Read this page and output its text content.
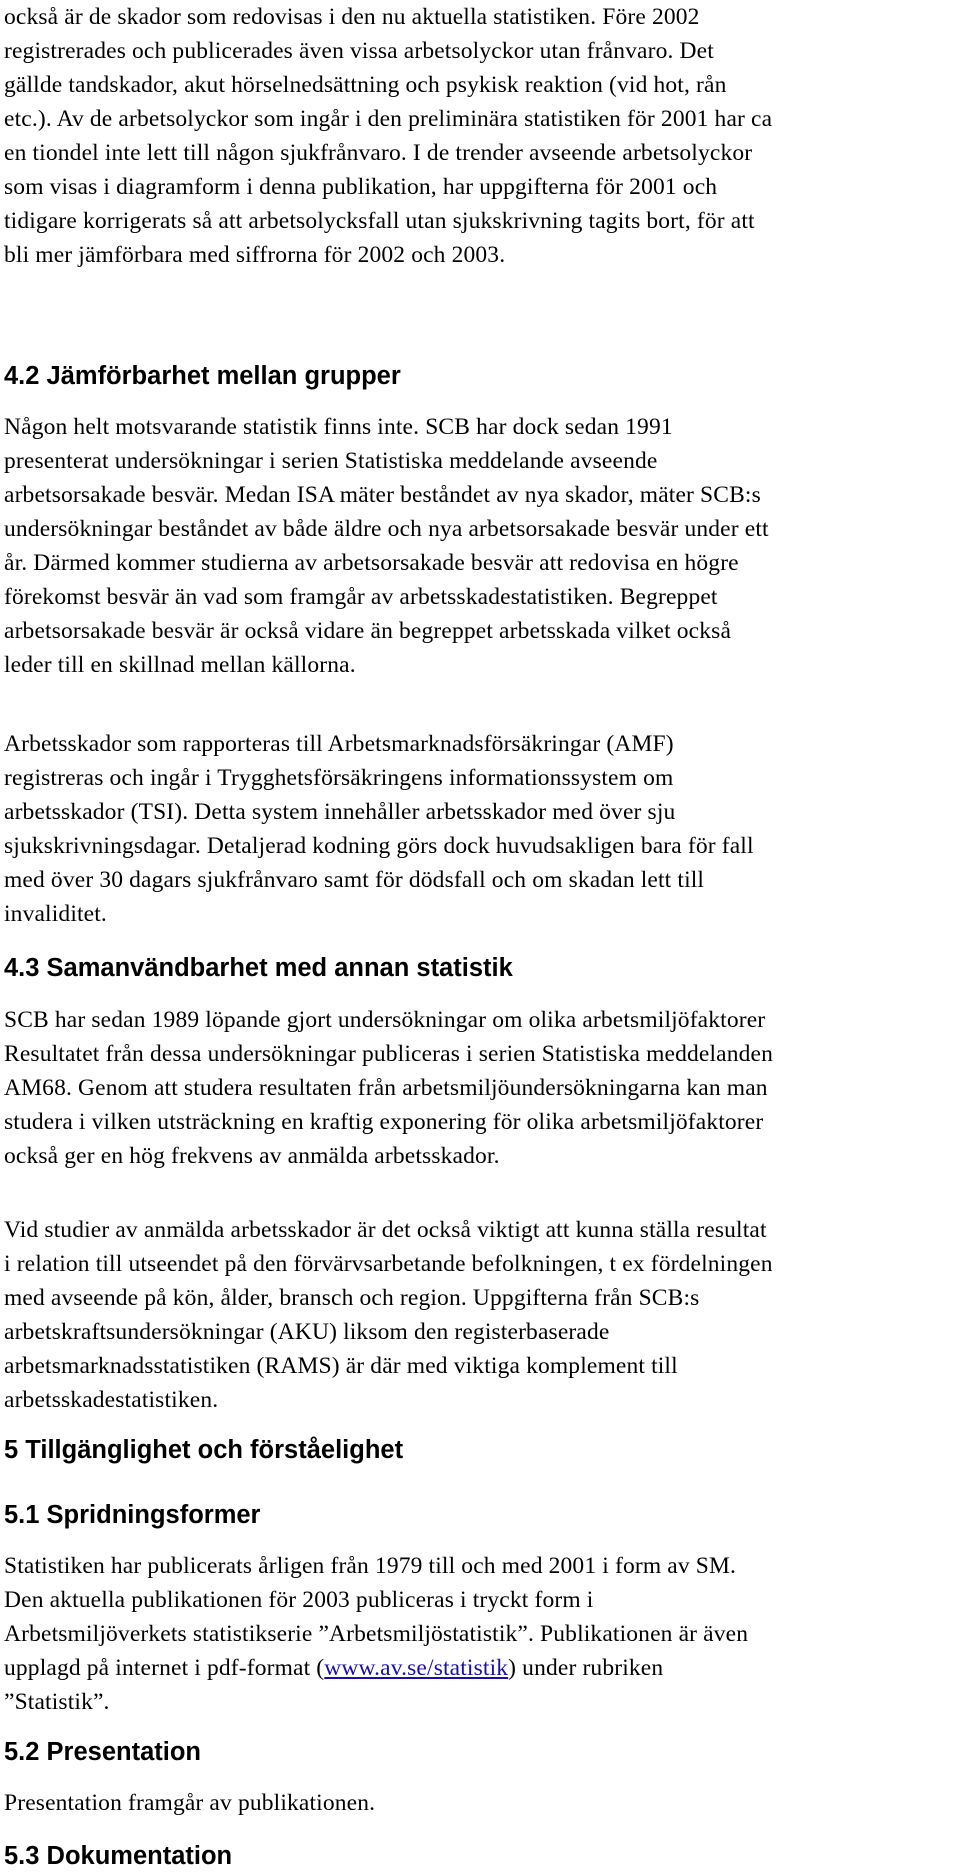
också är de skador som redovisas i den nu aktuella statistiken. Före 2002
registrerades och publicerades även vissa arbetsolyckor utan frånvaro. Det
gällde tandskador, akut hörselnedsättning och psykisk reaktion (vid hot, rån
etc.). Av de arbetsolyckor som ingår i den preliminära statistiken för 2001 har ca
en tiondel inte lett till någon sjukfrånvaro. I de trender avseende arbetsolyckor
som visas i diagramform i denna publikation, har uppgifterna för 2001 och
tidigare korrigerats så att arbetsolycksfall utan sjukskrivning tagits bort, för att
bli mer jämförbara med siffrorna för 2002 och 2003.
4.2 Jämförbarhet mellan grupper
Någon helt motsvarande statistik finns inte. SCB har dock sedan 1991
presenterat undersökningar i serien Statistiska meddelande avseende
arbetsorsakade besvär. Medan ISA mäter beståndet av nya skador, mäter SCB:s
undersökningar beståndet av både äldre och nya arbetsorsakade besvär under ett
år. Därmed kommer studierna av arbetsorsakade besvär att redovisa en högre
förekomst besvär än vad som framgår av arbetsskadestatistiken. Begreppet
arbetsorsakade besvär är också vidare än begreppet arbetsskada vilket också
leder till en skillnad mellan källorna.
Arbetsskador som rapporteras till Arbetsmarknadsförsäkringar (AMF)
registreras och ingår i Trygghetsförsäkringens informationssystem om
arbetsskador (TSI). Detta system innehåller arbetsskador med över sju
sjukskrivningsdagar. Detaljerad kodning görs dock huvudsakligen bara för fall
med över 30 dagars sjukfrånvaro samt för dödsfall och om skadan lett till
invaliditet.
4.3 Samanvändbarhet med annan statistik
SCB har sedan 1989 löpande gjort undersökningar om olika arbetsmiljöfaktorer
Resultatet från dessa undersökningar publiceras i serien Statistiska meddelanden
AM68. Genom att studera resultaten från arbetsmiljöundersökningarna kan man
studera i vilken utsträckning en kraftig exponering för olika arbetsmiljöfaktorer
också ger en hög frekvens av anmälda arbetsskador.
Vid studier av anmälda arbetsskador är det också viktigt att kunna ställa resultat
i relation till utseendet på den förvärvsarbetande befolkningen, t ex fördelningen
med avseende på kön, ålder, bransch och region. Uppgifterna från SCB:s
arbetskraftsundersökningar (AKU) liksom den registerbaserade
arbetsmarknadsstatistiken (RAMS) är där med viktiga komplement till
arbetsskadestatistiken.
5 Tillgänglighet och förståelighet
5.1 Spridningsformer
Statistiken har publicerats årligen från 1979 till och med 2001 i form av SM.
Den aktuella publikationen för 2003 publiceras i tryckt form i
Arbetsmiljöverkets statistikserie ”Arbetsmiljöstatistik”. Publikationen är även
upplagd på internet i pdf-format (www.av.se/statistik) under rubriken
”Statistik”.
5.2 Presentation
Presentation framgår av publikationen.
5.3 Dokumentation
